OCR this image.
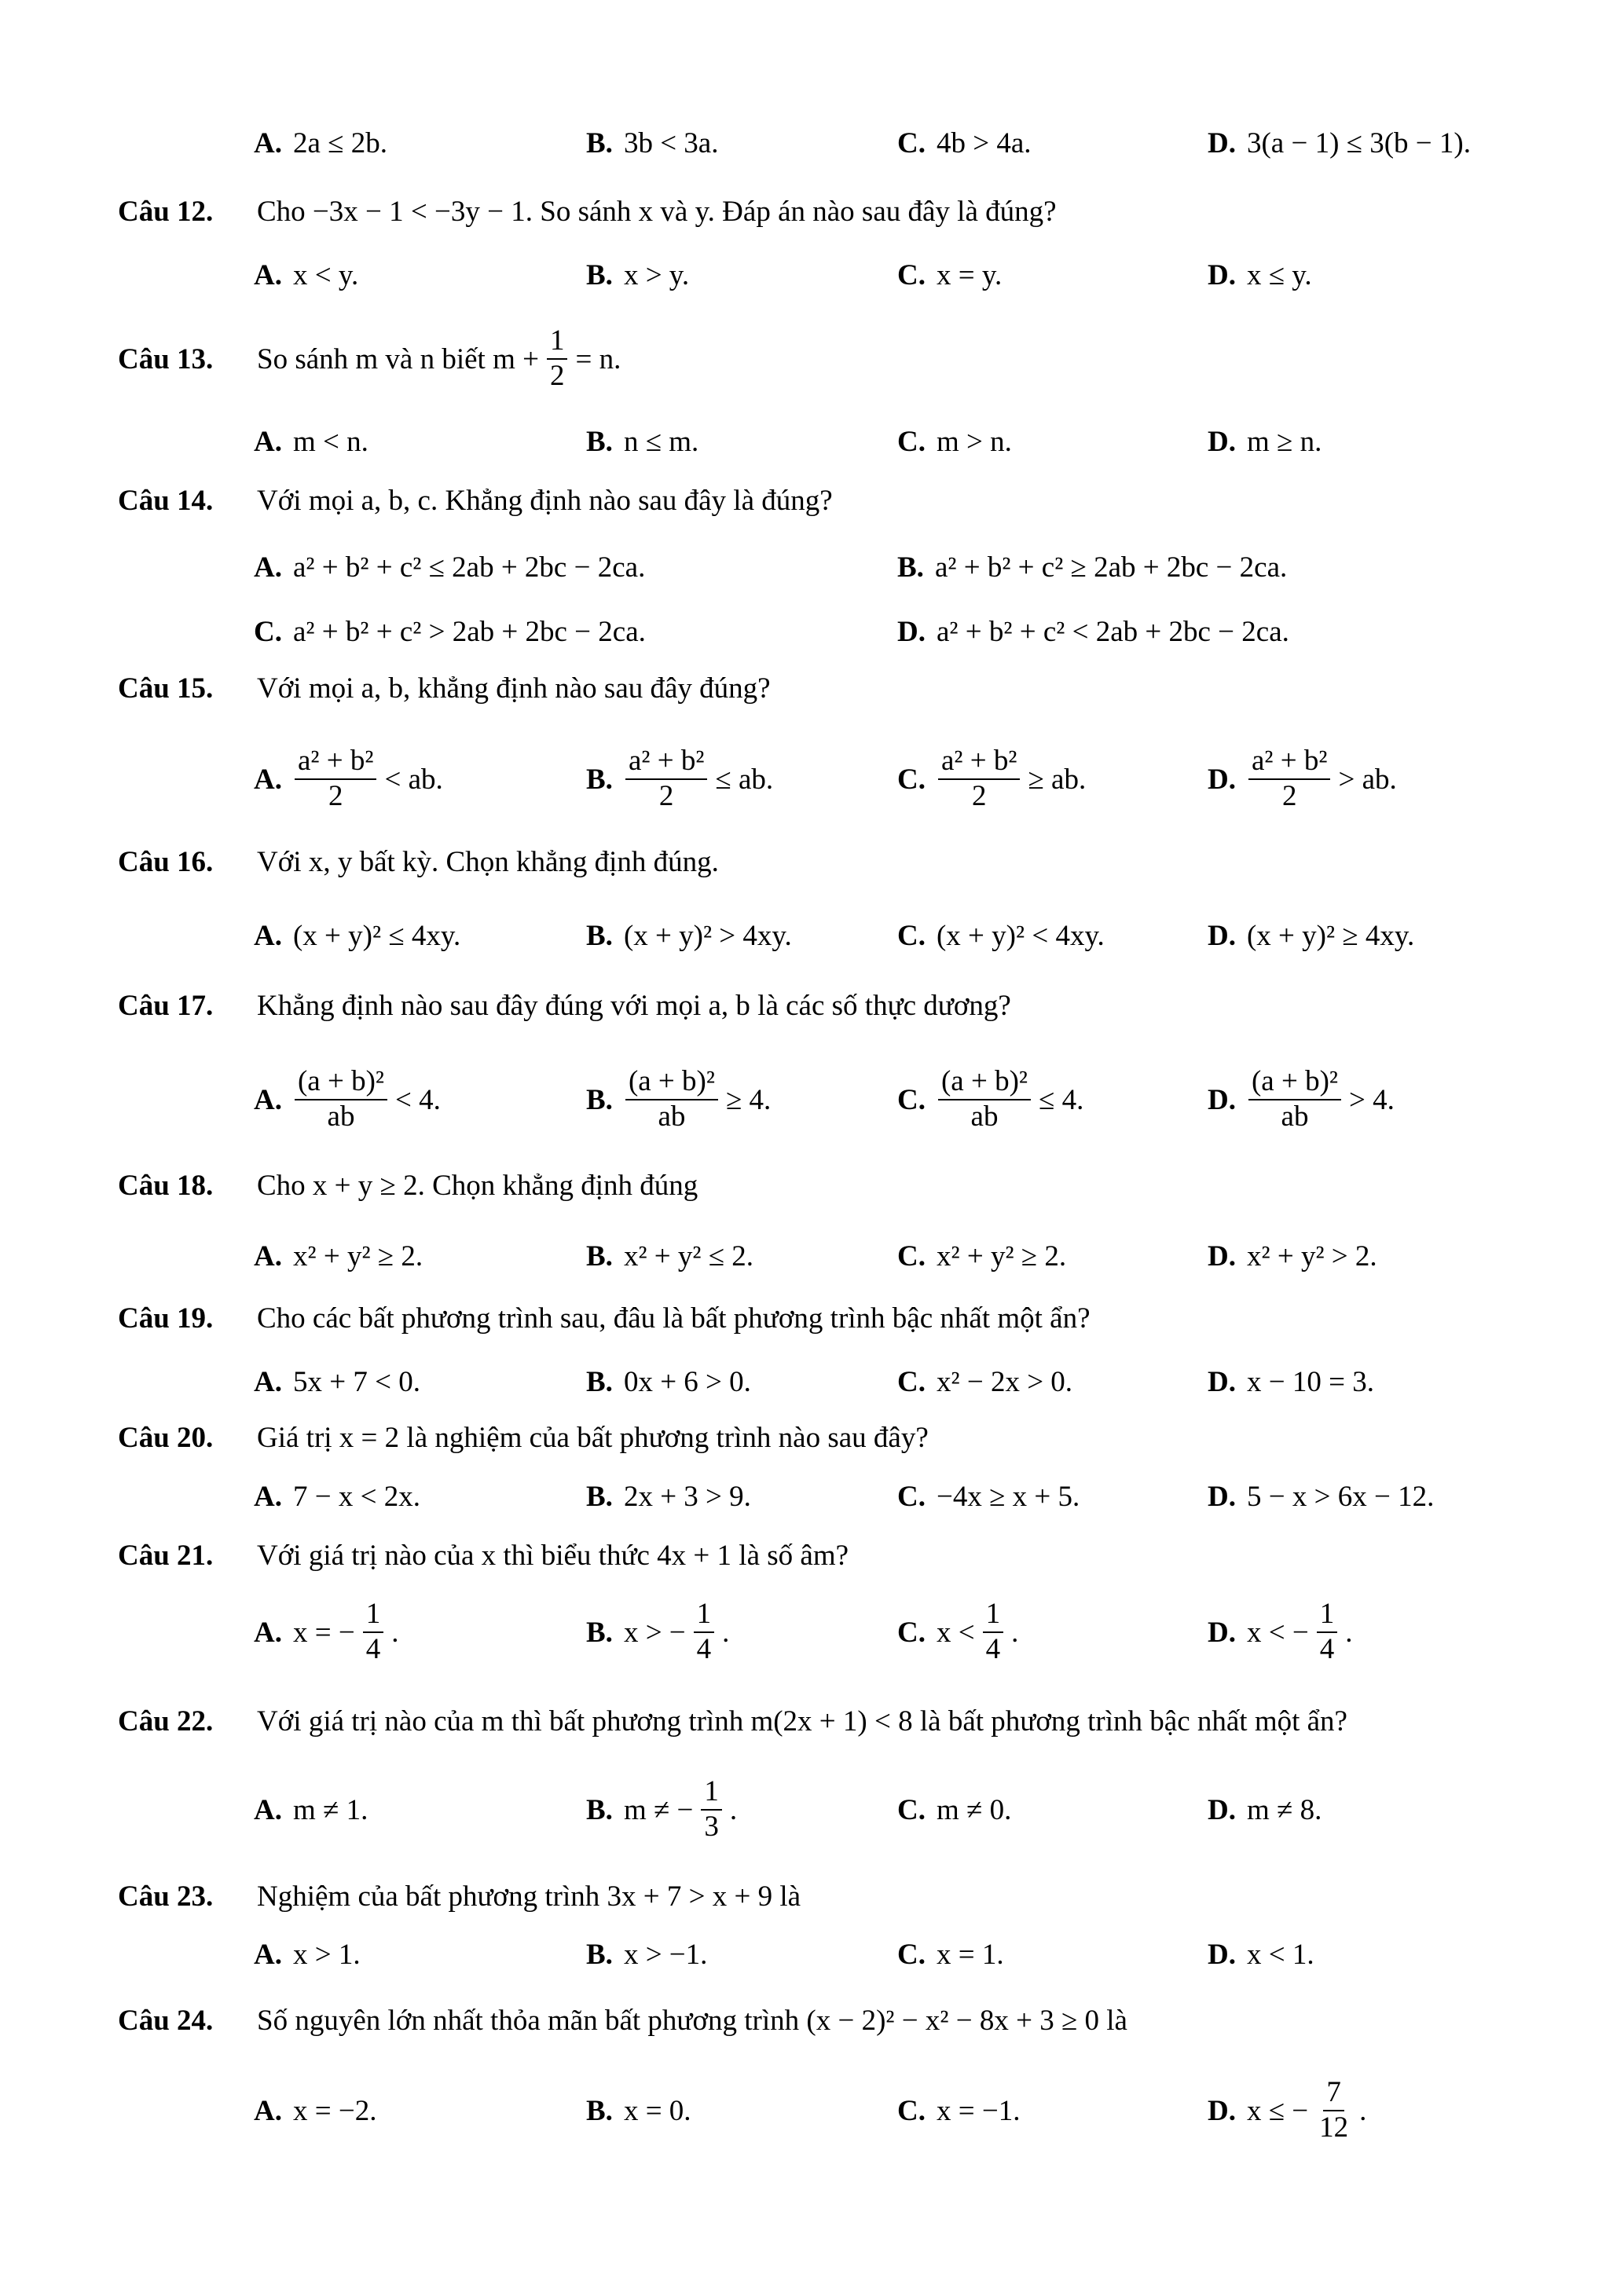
A. 2a ≤ 2b.	B. 3b < 3a.	C. 4b > 4a.	D. 3(a − 1) ≤ 3(b − 1).
Câu 12. Cho −3x − 1 < −3y − 1. So sánh x và y. Đáp án nào sau đây là đúng?
A. x < y.	B. x > y.	C. x = y.	D. x ≤ y.
Câu 13. So sánh m và n biết $m + \frac{1}{2} = n$.
A. m < n.	B. n ≤ m.	C. m > n.	D. m ≥ n.
Câu 14. Với mọi a, b, c. Khẳng định nào sau đây là đúng?
A. a² + b² + c² ≤ 2ab + 2bc − 2ca.	B. a² + b² + c² ≥ 2ab + 2bc − 2ca.
C. a² + b² + c² > 2ab + 2bc − 2ca.	D. a² + b² + c² < 2ab + 2bc − 2ca.
Câu 15. Với mọi a, b, khẳng định nào sau đây đúng?
A. $\frac{\text{a² + b²}}{2}$ < ab.	B. $\frac{\text{a² + b²}}{2}$ ≤ ab.	C. $\frac{\text{a² + b²}}{2}$ ≥ ab.	D. $\frac{\text{a² + b²}}{2}$ > ab.
Câu 16. Với x, y bất kỳ. Chọn khẳng định đúng.
A. (x + y)² ≤ 4xy.	B. (x + y)² > 4xy.	C. (x + y)² < 4xy.	D. (x + y)² ≥ 4xy.
Câu 17. Khẳng định nào sau đây đúng với mọi a, b là các số thực dương?
A. $\frac{\text{(a + b)²}}{ab} < 4$.	B. $\frac{\text{(a + b)²}}{ab} \ge 4$.	C. $\frac{\text{(a + b)²}}{ab} \le 4$.	D. $\frac{\text{(a + b)²}}{ab} > 4$.
Câu 18. Cho x + y ≥ 2. Chọn khẳng định đúng
A. x² + y² ≥ 2.	B. x² + y² ≤ 2.	C. x² + y² ≥ 2.	D. x² + y² > 2.
Câu 19. Cho các bất phương trình sau, đâu là bất phương trình bậc nhất một ẩn?
A. 5x + 7 < 0.	B. 0x + 6 > 0.	C. x² − 2x > 0.	D. x − 10 = 3.
Câu 20. Giá trị x = 2 là nghiệm của bất phương trình nào sau đây?
A. 7 − x < 2x.	B. 2x + 3 > 9.	C. −4x ≥ x + 5.	D. 5 − x > 6x − 12.
Câu 21. Với giá trị nào của x thì biểu thức 4x + 1 là số âm?
A. x = − $\frac{1}{4}$ .	B. x > − $\frac{1}{4}$ .	C. $x < \frac{1}{4}$ .	D. x < − $\frac{1}{4}$ .
Câu 22. Với giá trị nào của m thì bất phương trình m(2x + 1) < 8 là bất phương trình bậc nhất một ẩn?
A. m ≠ 1.	B. m ≠ − $\frac{1}{3}$ .	C. m ≠ 0.	D. m ≠ 8.
Câu 23. Nghiệm của bất phương trình 3x + 7 > x + 9 là
A. x > 1.	B. x > −1.	C. x = 1.	D. x < 1.
Câu 24. Số nguyên lớn nhất thỏa mãn bất phương trình (x − 2)² − x² − 8x + 3 ≥ 0 là
A. x = −2.	B. x = 0.	C. x = −1.	D. x ≤ − $\frac{7}{12}$ .
